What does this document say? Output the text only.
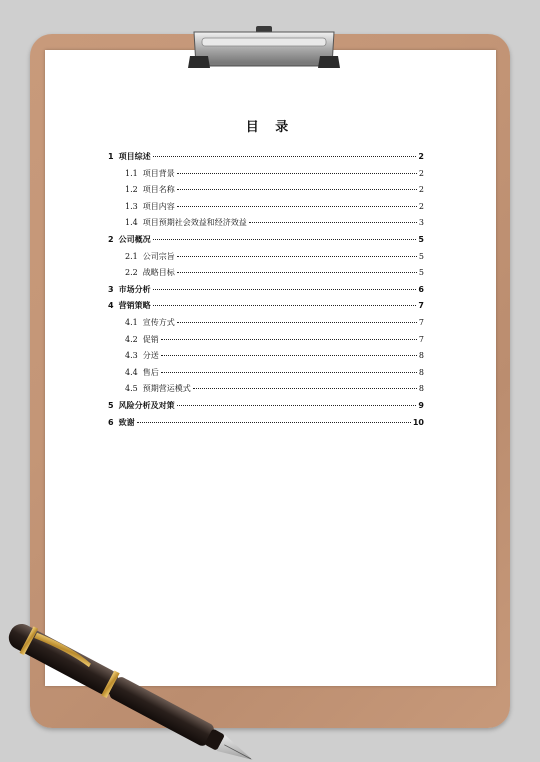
目 录
1 项目综述	2
1.1 项目背景	2
1.2 项目名称	2
1.3 项目内容	2
1.4 项目预期社会效益和经济效益	3
2 公司概况	5
2.1 公司宗旨	5
2.2 战略目标	5
3 市场分析	6
4 营销策略	7
4.1 宣传方式	7
4.2 促销	7
4.3 分送	8
4.4 售后	8
4.5 预期营运模式	8
5 风险分析及对策	9
6 致谢	10
